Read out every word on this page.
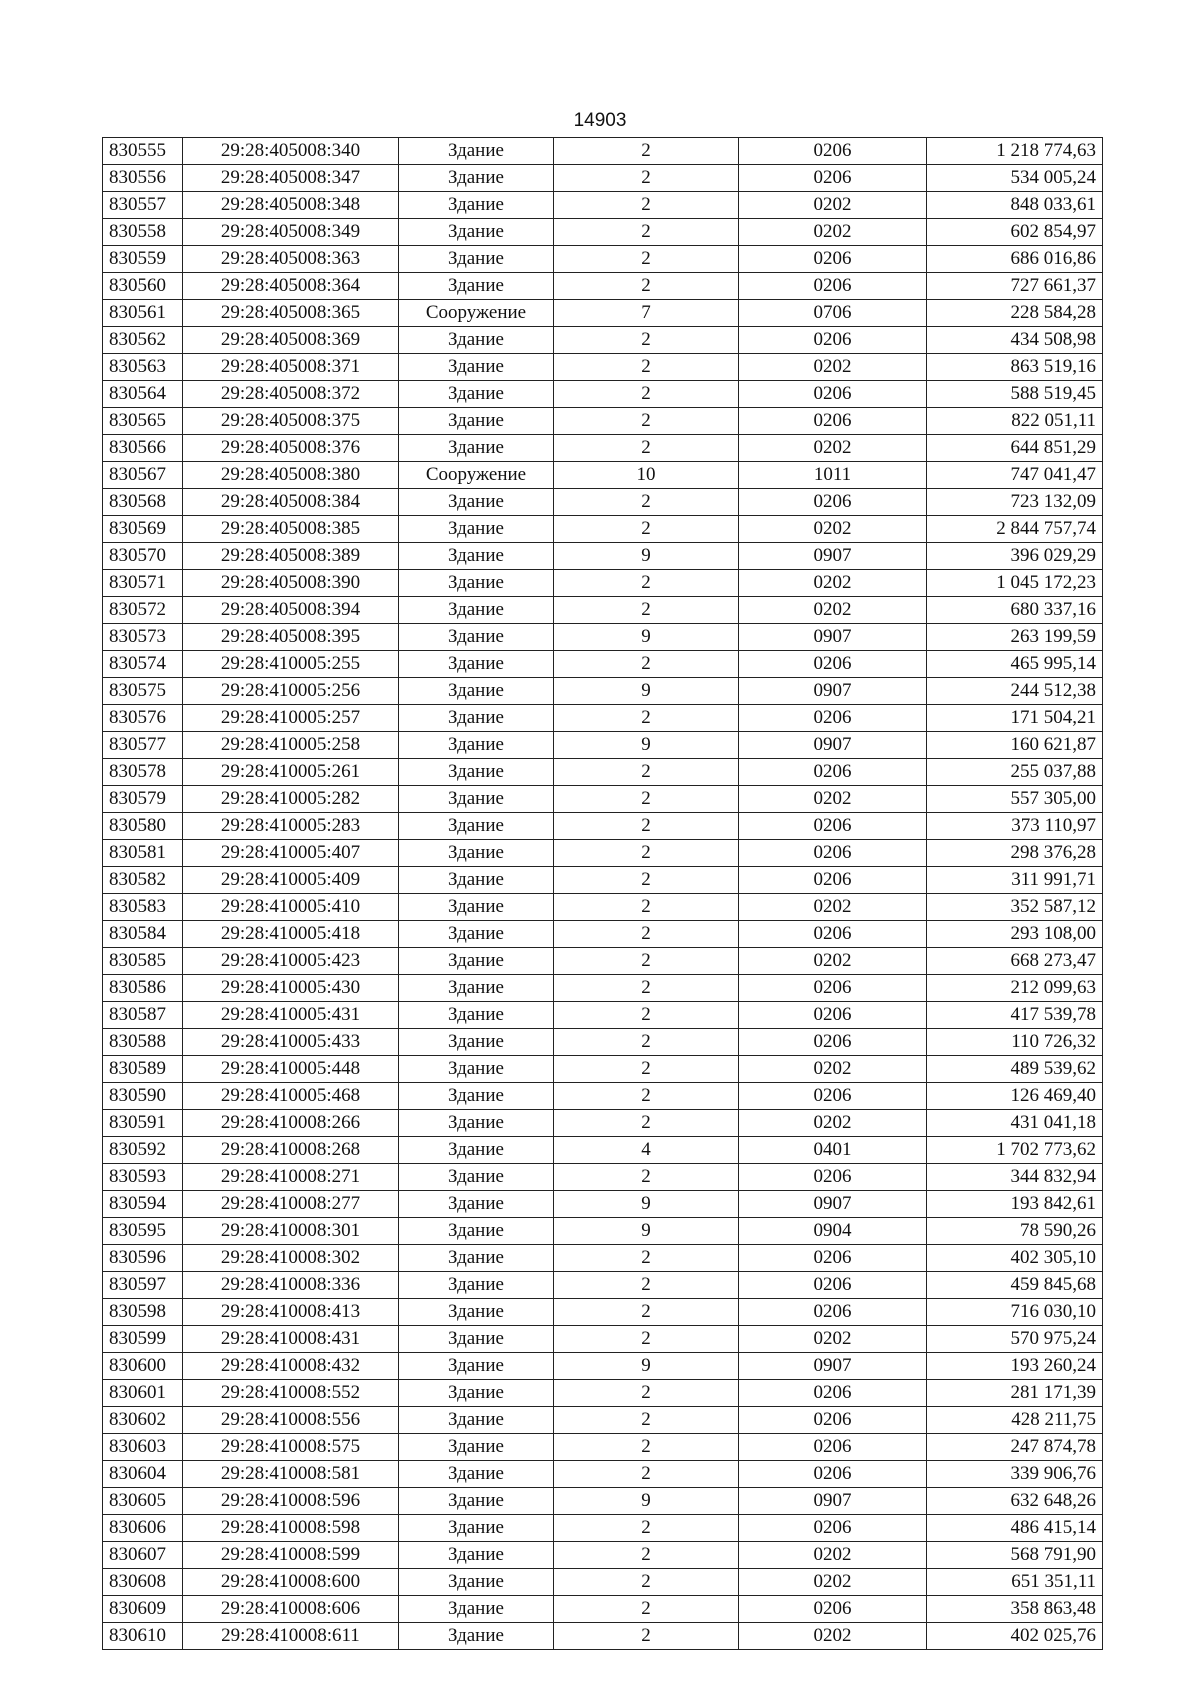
14903
830555	29:28:405008:340	Здание	2	0206	1 218 774,63
830556	29:28:405008:347	Здание	2	0206	534 005,24
830557	29:28:405008:348	Здание	2	0202	848 033,61
830558	29:28:405008:349	Здание	2	0202	602 854,97
830559	29:28:405008:363	Здание	2	0206	686 016,86
830560	29:28:405008:364	Здание	2	0206	727 661,37
830561	29:28:405008:365	Сооружение	7	0706	228 584,28
830562	29:28:405008:369	Здание	2	0206	434 508,98
830563	29:28:405008:371	Здание	2	0202	863 519,16
830564	29:28:405008:372	Здание	2	0206	588 519,45
830565	29:28:405008:375	Здание	2	0206	822 051,11
830566	29:28:405008:376	Здание	2	0202	644 851,29
830567	29:28:405008:380	Сооружение	10	1011	747 041,47
830568	29:28:405008:384	Здание	2	0206	723 132,09
830569	29:28:405008:385	Здание	2	0202	2 844 757,74
830570	29:28:405008:389	Здание	9	0907	396 029,29
830571	29:28:405008:390	Здание	2	0202	1 045 172,23
830572	29:28:405008:394	Здание	2	0202	680 337,16
830573	29:28:405008:395	Здание	9	0907	263 199,59
830574	29:28:410005:255	Здание	2	0206	465 995,14
830575	29:28:410005:256	Здание	9	0907	244 512,38
830576	29:28:410005:257	Здание	2	0206	171 504,21
830577	29:28:410005:258	Здание	9	0907	160 621,87
830578	29:28:410005:261	Здание	2	0206	255 037,88
830579	29:28:410005:282	Здание	2	0202	557 305,00
830580	29:28:410005:283	Здание	2	0206	373 110,97
830581	29:28:410005:407	Здание	2	0206	298 376,28
830582	29:28:410005:409	Здание	2	0206	311 991,71
830583	29:28:410005:410	Здание	2	0202	352 587,12
830584	29:28:410005:418	Здание	2	0206	293 108,00
830585	29:28:410005:423	Здание	2	0202	668 273,47
830586	29:28:410005:430	Здание	2	0206	212 099,63
830587	29:28:410005:431	Здание	2	0206	417 539,78
830588	29:28:410005:433	Здание	2	0206	110 726,32
830589	29:28:410005:448	Здание	2	0202	489 539,62
830590	29:28:410005:468	Здание	2	0206	126 469,40
830591	29:28:410008:266	Здание	2	0202	431 041,18
830592	29:28:410008:268	Здание	4	0401	1 702 773,62
830593	29:28:410008:271	Здание	2	0206	344 832,94
830594	29:28:410008:277	Здание	9	0907	193 842,61
830595	29:28:410008:301	Здание	9	0904	78 590,26
830596	29:28:410008:302	Здание	2	0206	402 305,10
830597	29:28:410008:336	Здание	2	0206	459 845,68
830598	29:28:410008:413	Здание	2	0206	716 030,10
830599	29:28:410008:431	Здание	2	0202	570 975,24
830600	29:28:410008:432	Здание	9	0907	193 260,24
830601	29:28:410008:552	Здание	2	0206	281 171,39
830602	29:28:410008:556	Здание	2	0206	428 211,75
830603	29:28:410008:575	Здание	2	0206	247 874,78
830604	29:28:410008:581	Здание	2	0206	339 906,76
830605	29:28:410008:596	Здание	9	0907	632 648,26
830606	29:28:410008:598	Здание	2	0206	486 415,14
830607	29:28:410008:599	Здание	2	0202	568 791,90
830608	29:28:410008:600	Здание	2	0202	651 351,11
830609	29:28:410008:606	Здание	2	0206	358 863,48
830610	29:28:410008:611	Здание	2	0202	402 025,76
